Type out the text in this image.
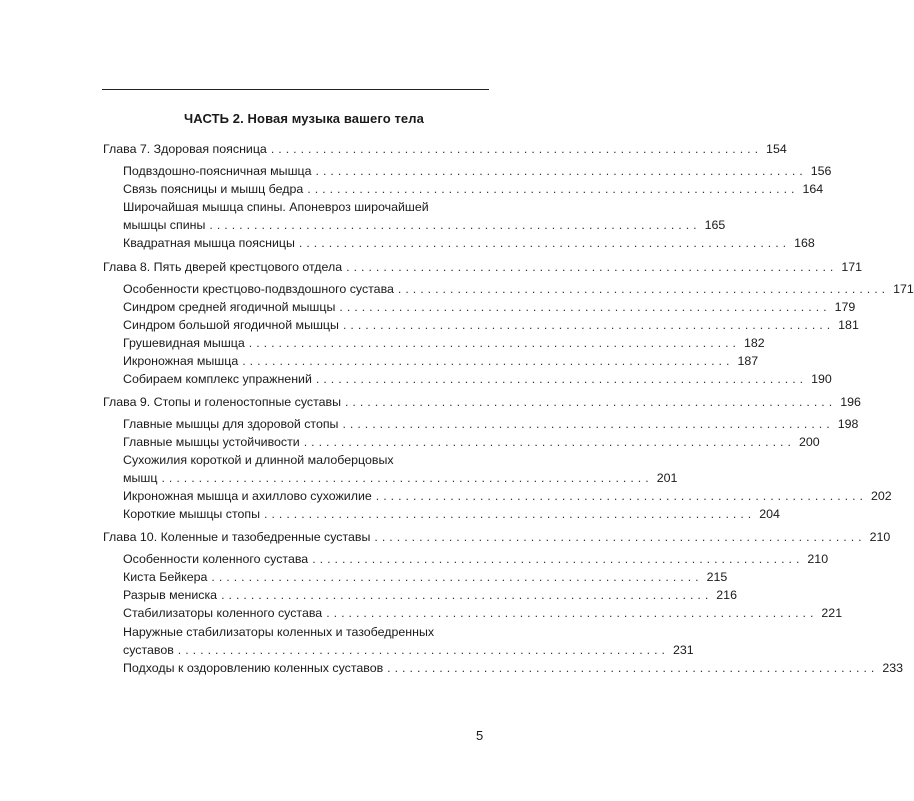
ЧАСТЬ 2. Новая музыка вашего тела
Глава 7. Здоровая поясница .................................................................. 154
Подвздошно-поясничная мышца .................................................................. 156
Связь поясницы и мышц бедра .................................................................. 164
Широчайшая мышца спины. Апоневроз широчайшей
мышцы спины .................................................................. 165
Квадратная мышца поясницы .................................................................. 168
Глава 8. Пять дверей крестцового отдела .................................................................. 171
Особенности крестцово-подвздошного сустава .................................................................. 171
Синдром средней ягодичной мышцы .................................................................. 179
Синдром большой ягодичной мышцы .................................................................. 181
Грушевидная мышца .................................................................. 182
Икроножная мышца .................................................................. 187
Собираем комплекс упражнений .................................................................. 190
Глава 9. Стопы и голеностопные суставы .................................................................. 196
Главные мышцы для здоровой стопы .................................................................. 198
Главные мышцы устойчивости .................................................................. 200
Сухожилия короткой и длинной малоберцовых
мышц .................................................................. 201
Икроножная мышца и ахиллово сухожилие .................................................................. 202
Короткие мышцы стопы .................................................................. 204
Глава 10. Коленные и тазобедренные суставы .................................................................. 210
Особенности коленного сустава .................................................................. 210
Киста Бейкера .................................................................. 215
Разрыв мениска .................................................................. 216
Стабилизаторы коленного сустава .................................................................. 221
Наружные стабилизаторы коленных и тазобедренных
суставов .................................................................. 231
Подходы к оздоровлению коленных суставов .................................................................. 233
5
